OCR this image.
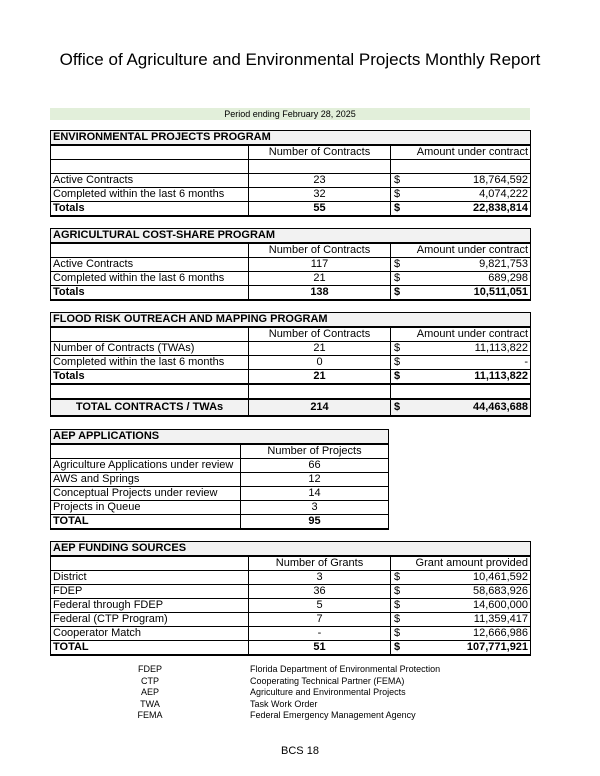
Office of Agriculture and Environmental Projects Monthly Report
Period ending February 28, 2025
ENVIRONMENTAL PROJECTS PROGRAM			
	Number of Contracts	Amount under contract	

Active Contracts	23	$	18,764,592
Completed within the last 6 months	32	$	4,074,222
Totals	55	$	22,838,814
AGRICULTURAL COST-SHARE PROGRAM			
	Number of Contracts	Amount under contract	
Active Contracts	117	$	9,821,753
Completed within the last 6 months	21	$	689,298
Totals	138	$	10,511,051
FLOOD RISK OUTREACH AND MAPPING PROGRAM			
	Number of Contracts	Amount under contract	
Number of Contracts (TWAs)	21	$	11,113,822
Completed within the last 6 months	0	$	-
Totals	21	$	11,113,822

TOTAL CONTRACTS / TWAs	214	$	44,463,688
AEP APPLICATIONS	
	Number of Projects
Agriculture Applications under review	66
AWS and Springs	12
Conceptual Projects under review	14
Projects in Queue	3
TOTAL	95
AEP FUNDING SOURCES			
	Number of Grants	Grant amount provided	
District	3	$	10,461,592
FDEP	36	$	58,683,926
Federal through FDEP	5	$	14,600,000
Federal (CTP Program)	7	$	11,359,417
Cooperator Match	-	$	12,666,986
TOTAL	51	$	107,771,921
FDEP	Florida Department of Environmental Protection
CTP	Cooperating Technical Partner (FEMA)
AEP	Agriculture and Environmental Projects
TWA	Task Work Order
FEMA	Federal Emergency Management Agency
BCS 18
